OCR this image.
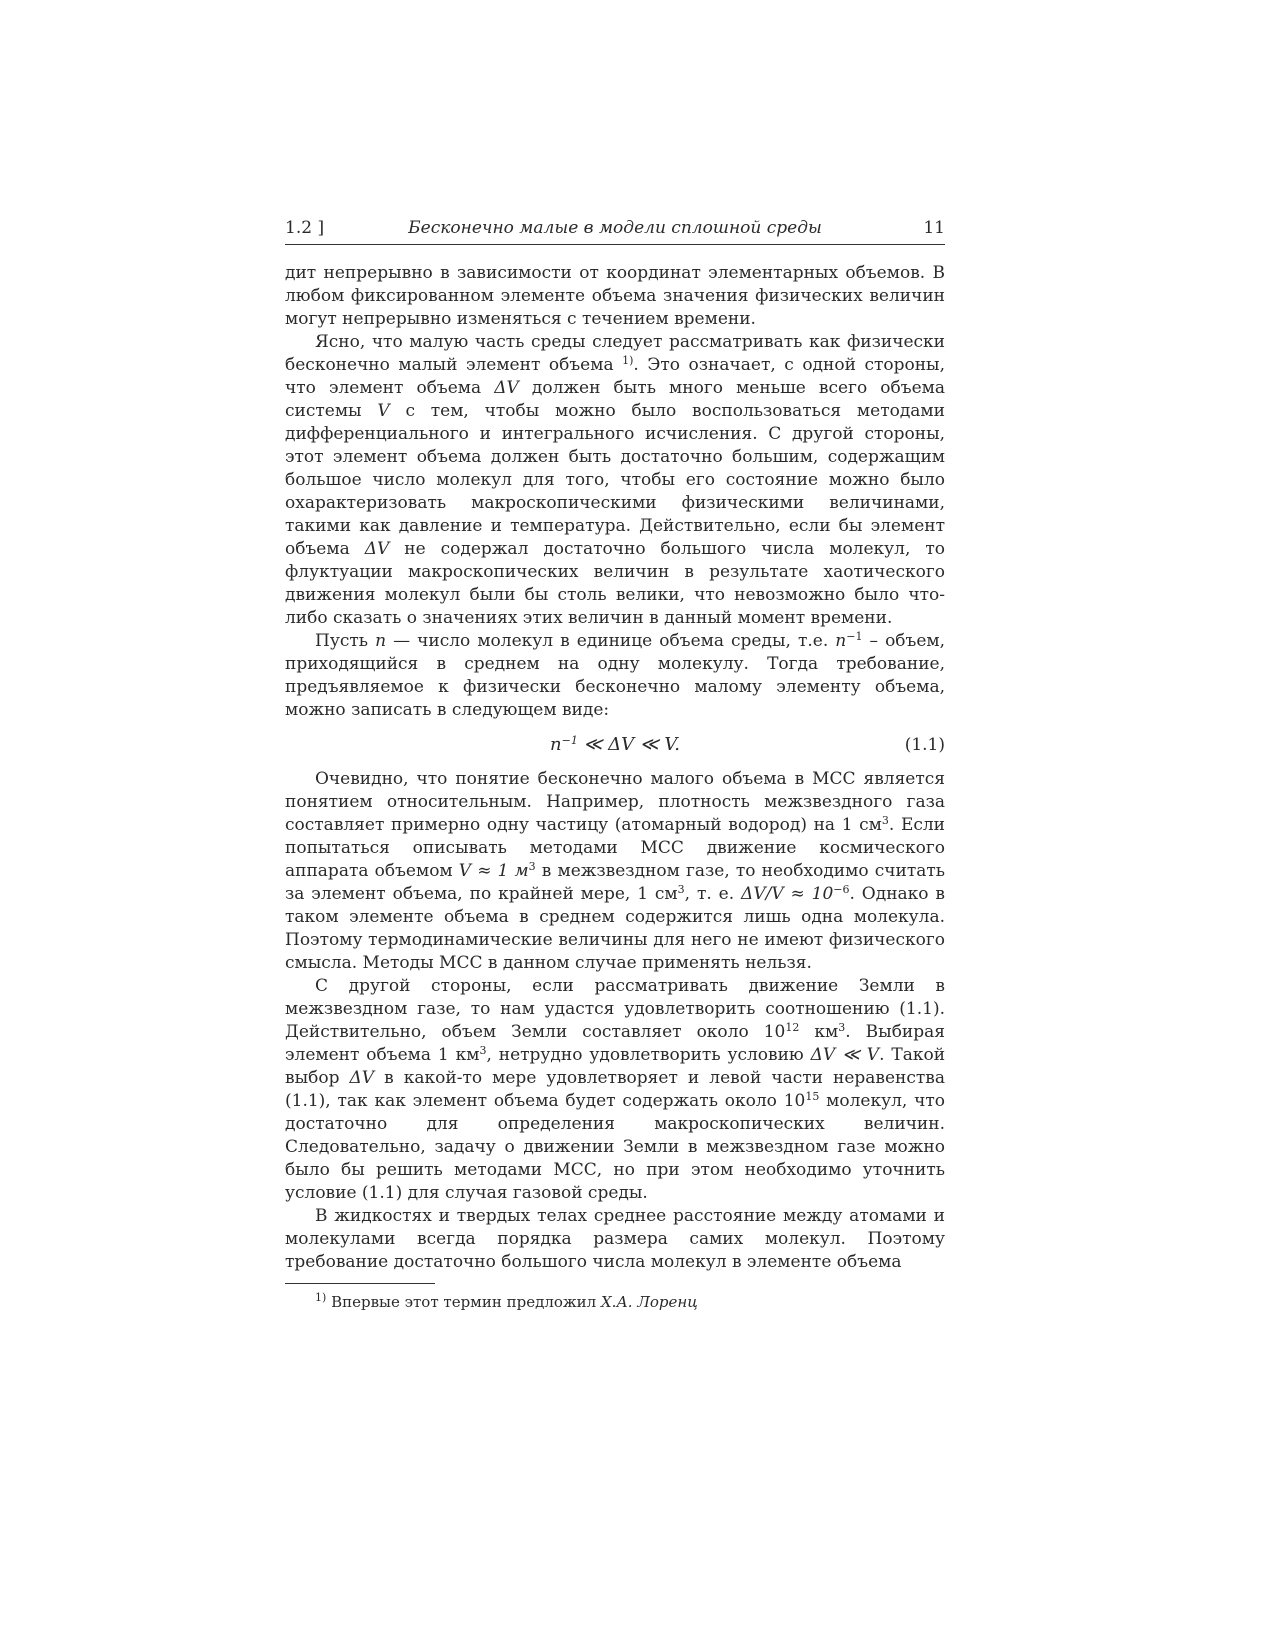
1.2 ]	Бесконечно малые в модели сплошной среды	11

дит непрерывно в зависимости от координат элементарных объемов. В любом фиксированном элементе объема значения физических величин могут непрерывно изменяться с течением времени.

Ясно, что малую часть среды следует рассматривать как физически бесконечно малый элемент объема $^{1)}$. Это означает, с одной стороны, что элемент объема ΔV должен быть много меньше всего объема системы V с тем, чтобы можно было воспользоваться методами дифференциального и интегрального исчисления. С другой стороны, этот элемент объема должен быть достаточно большим, содержащим большое число молекул для того, чтобы его состояние можно было охарактеризовать макроскопическими физическими величинами, такими как давление и температура. Действительно, если бы элемент объема ΔV не содержал достаточно большого числа молекул, то флуктуации макроскопических величин в результате хаотического движения молекул были бы столь велики, что невозможно было что-либо сказать о значениях этих величин в данный момент времени.

Пусть n — число молекул в единице объема среды, т.е. $n^{-1}$ – объем, приходящийся в среднем на одну молекулу. Тогда требование, предъявляемое к физически бесконечно малому элементу объема, можно записать в следующем виде:

$n^{-1}$ ≪ ΔV ≪ V.	(1.1)

Очевидно, что понятие бесконечно малого объема в МСС является понятием относительным. Например, плотность межзвездного газа составляет примерно одну частицу (атомарный водород) на 1 $см^3$. Если попытаться описывать методами МСС движение космического аппарата объемом V ≈ 1 $м^3$ в межзвездном газе, то необходимо считать за элемент объема, по крайней мере, 1 $см^3$, т. е. $\Delta V/V \approx 10^{-6}$. Однако в таком элементе объема в среднем содержится лишь одна молекула. Поэтому термодинамические величины для него не имеют физического смысла. Методы МСС в данном случае применять нельзя.

С другой стороны, если рассматривать движение Земли в межзвездном газе, то нам удастся удовлетворить соотношению (1.1). Действительно, объем Земли составляет около $10^{12}$ $км^3$. Выбирая элемент объема 1 $км^3$, нетрудно удовлетворить условию ΔV ≪ V. Такой выбор ΔV в какой-то мере удовлетворяет и левой части неравенства (1.1), так как элемент объема будет содержать около $10^{15}$ молекул, что достаточно для определения макроскопических величин. Следовательно, задачу о движении Земли в межзвездном газе можно было бы решить методами МСС, но при этом необходимо уточнить условие (1.1) для случая газовой среды.

В жидкостях и твердых телах среднее расстояние между атомами и молекулами всегда порядка размера самих молекул. Поэтому требование достаточно большого числа молекул в элементе объема

$^{1)}$ Впервые этот термин предложил Х.А. Лоренц
